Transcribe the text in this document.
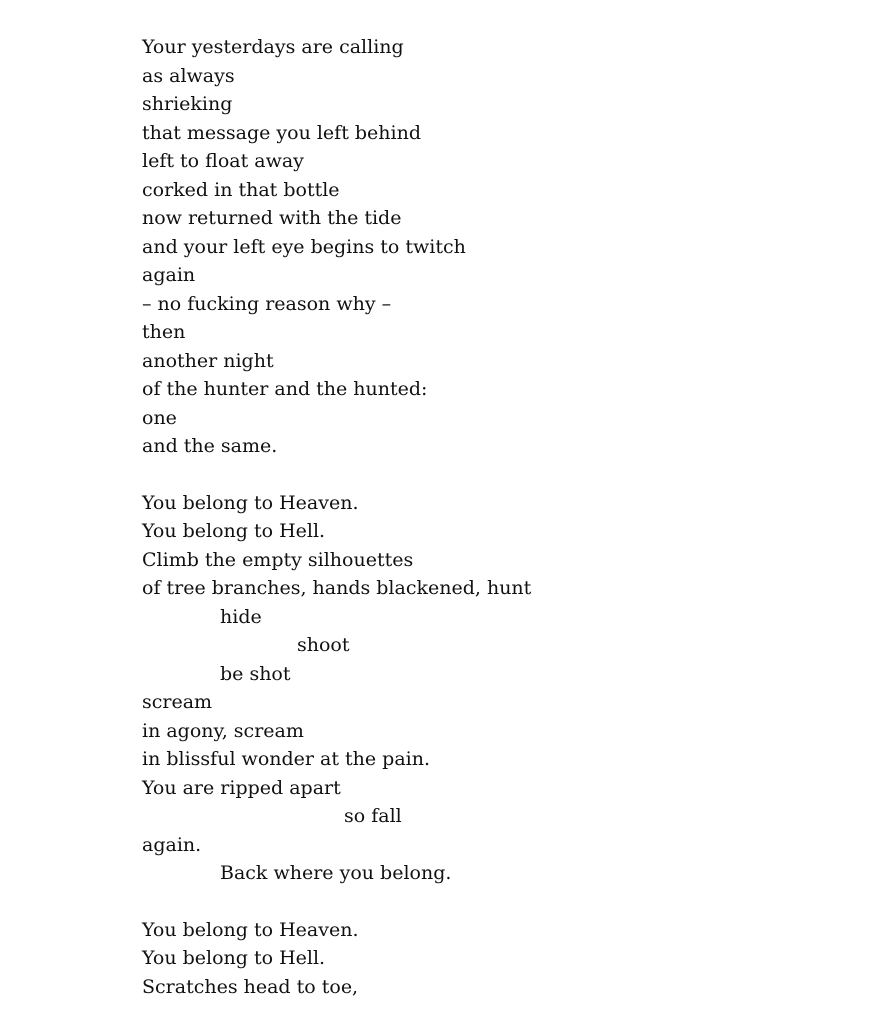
Your yesterdays are calling
as always
shrieking
that message you left behind
left to float away
corked in that bottle
now returned with the tide
and your left eye begins to twitch
again
– no fucking reason why –
then
another night
of the hunter and the hunted:
one
and the same.
You belong to Heaven.
You belong to Hell.
Climb the empty silhouettes
of tree branches, hands blackened, hunt
hide
shoot
be shot
scream
in agony, scream
in blissful wonder at the pain.
You are ripped apart
so fall
again.
Back where you belong.
You belong to Heaven.
You belong to Hell.
Scratches head to toe,
